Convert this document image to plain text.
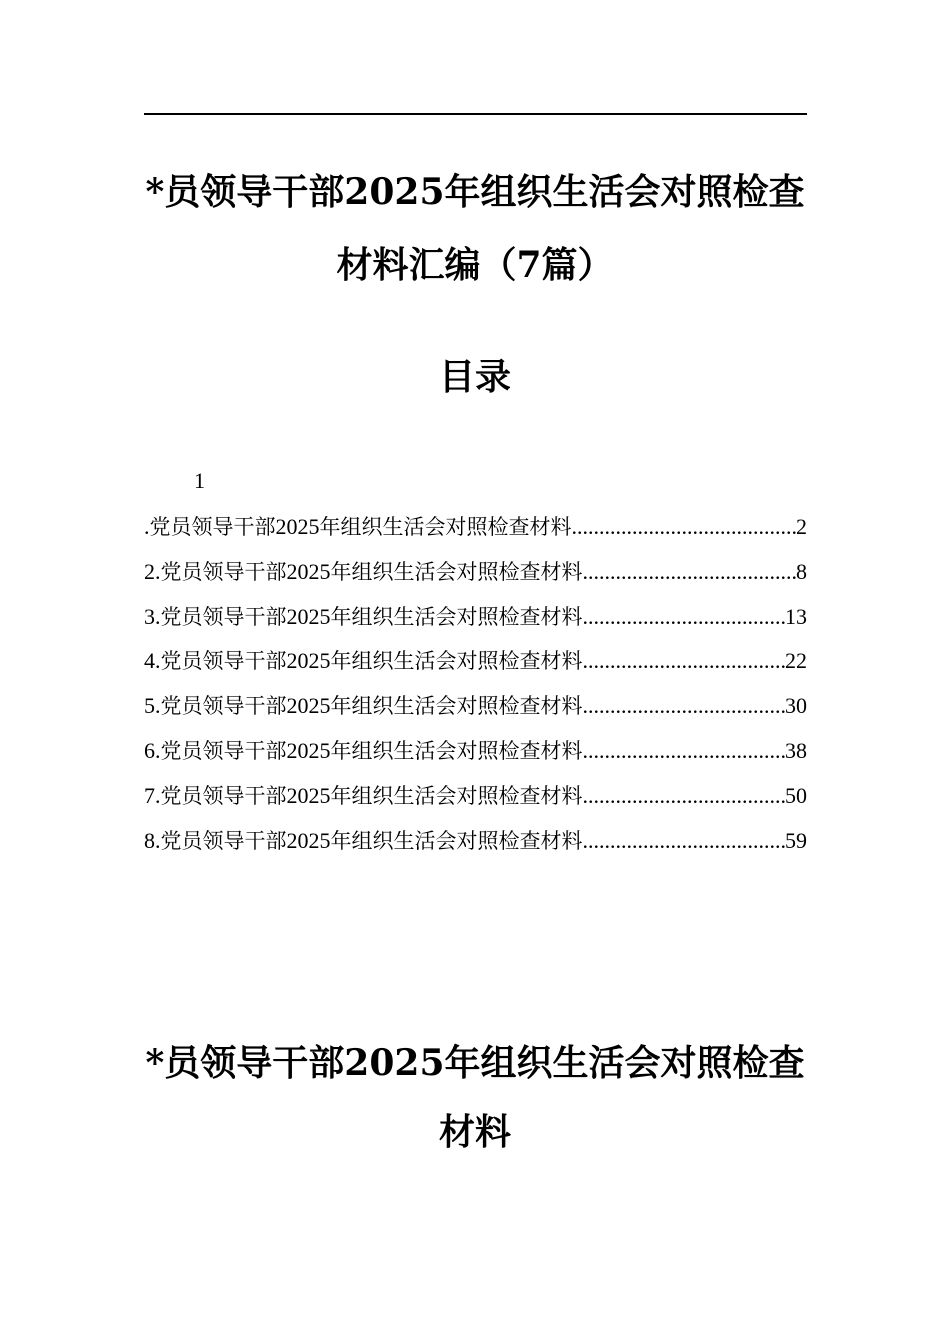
*员领导干部2025年组织生活会对照检查
材料汇编（7篇）
目录
1
. 党员领导干部2025年组织生活会对照检查材料 .....	2
2 . 党员领导干部2025年组织生活会对照检查材料 .....	8
3 . 党员领导干部2025年组织生活会对照检查材料 .....	13
4 . 党员领导干部2025年组织生活会对照检查材料 .....	22
5 . 党员领导干部2025年组织生活会对照检查材料 .....	30
6 . 党员领导干部2025年组织生活会对照检查材料 .....	38
7 . 党员领导干部2025年组织生活会对照检查材料 .....	50
8 . 党员领导干部2025年组织生活会对照检查材料 .....	59
*员领导干部2025年组织生活会对照检查
材料
